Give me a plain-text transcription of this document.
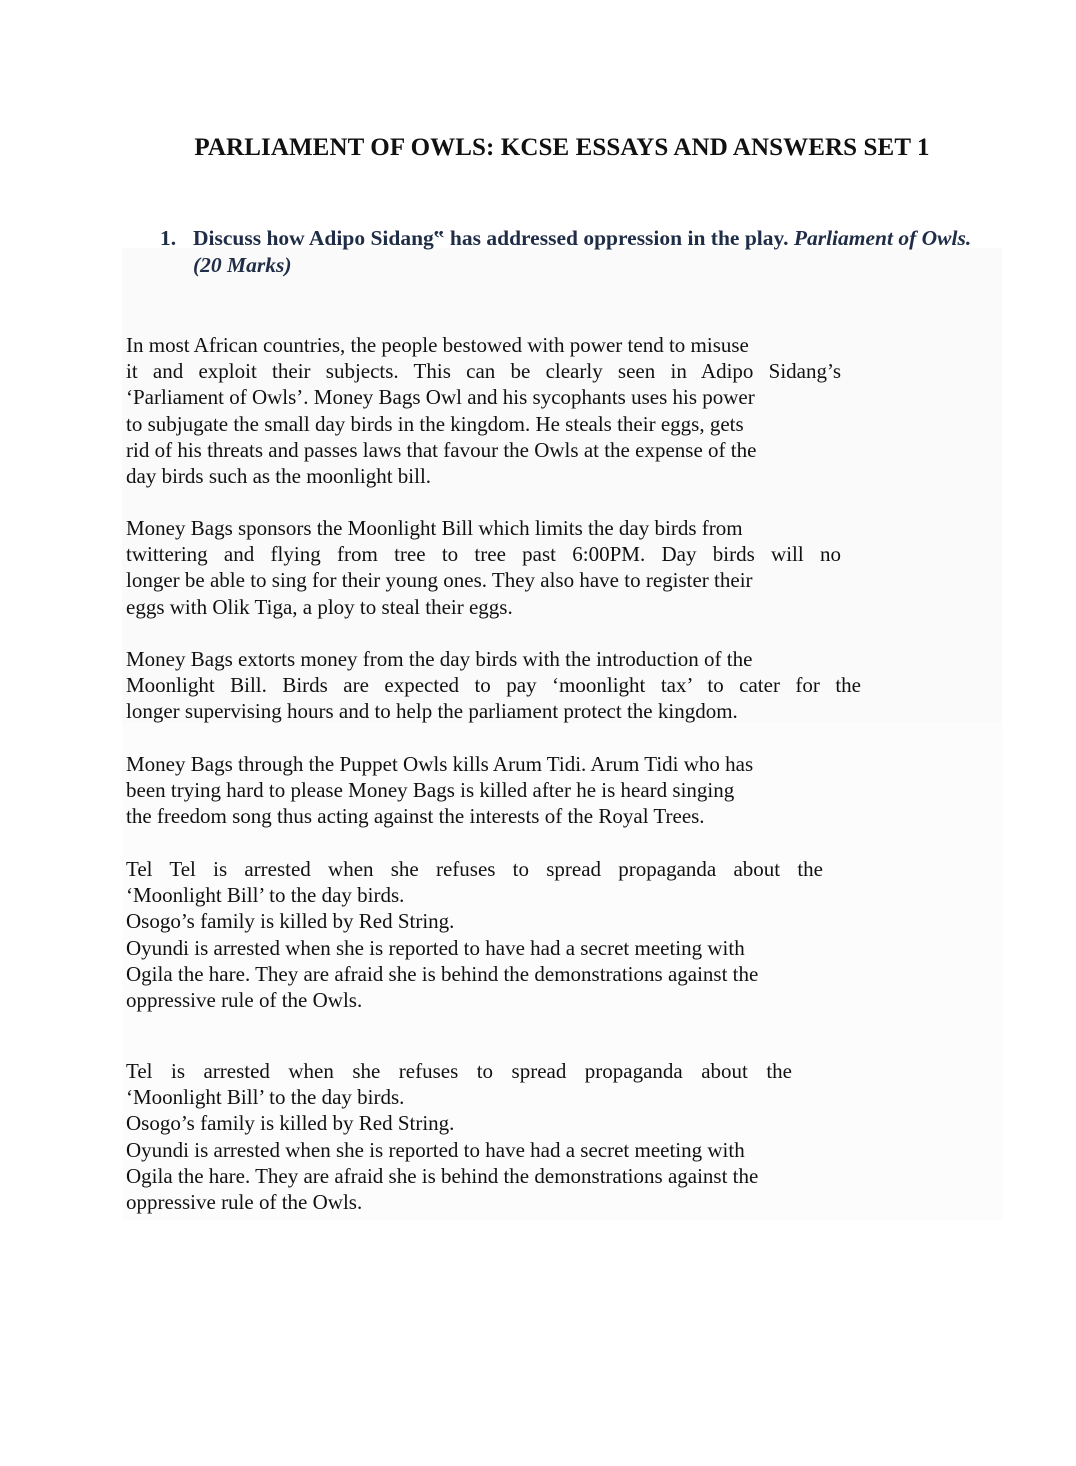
PARLIAMENT OF OWLS: KCSE ESSAYS AND ANSWERS SET 1
1. Discuss how Adipo Sidang‟ has addressed oppression in the play. Parliament of Owls. (20 Marks)
In most African countries, the people bestowed with power tend to misuse
it and exploit their subjects. This can be clearly seen in Adipo Sidang’s
‘Parliament of Owls’. Money Bags Owl and his sycophants uses his power
to subjugate the small day birds in the kingdom. He steals their eggs, gets
rid of his threats and passes laws that favour the Owls at the expense of the
day birds such as the moonlight bill.
Money Bags sponsors the Moonlight Bill which limits the day birds from
twittering and flying from tree to tree past 6:00PM. Day birds will no
longer be able to sing for their young ones. They also have to register their
eggs with Olik Tiga, a ploy to steal their eggs.
Money Bags extorts money from the day birds with the introduction of the
Moonlight Bill. Birds are expected to pay ‘moonlight tax’ to cater for the
longer supervising hours and to help the parliament protect the kingdom.
Money Bags through the Puppet Owls kills Arum Tidi. Arum Tidi who has
been trying hard to please Money Bags is killed after he is heard singing
the freedom song thus acting against the interests of the Royal Trees.
Tel Tel is arrested when she refuses to spread propaganda about the
‘Moonlight Bill’ to the day birds.
Osogo’s family is killed by Red String.
Oyundi is arrested when she is reported to have had a secret meeting with
Ogila the hare. They are afraid she is behind the demonstrations against the
oppressive rule of the Owls.
Tel is arrested when she refuses to spread propaganda about the
‘Moonlight Bill’ to the day birds.
Osogo’s family is killed by Red String.
Oyundi is arrested when she is reported to have had a secret meeting with
Ogila the hare. They are afraid she is behind the demonstrations against the
oppressive rule of the Owls.
